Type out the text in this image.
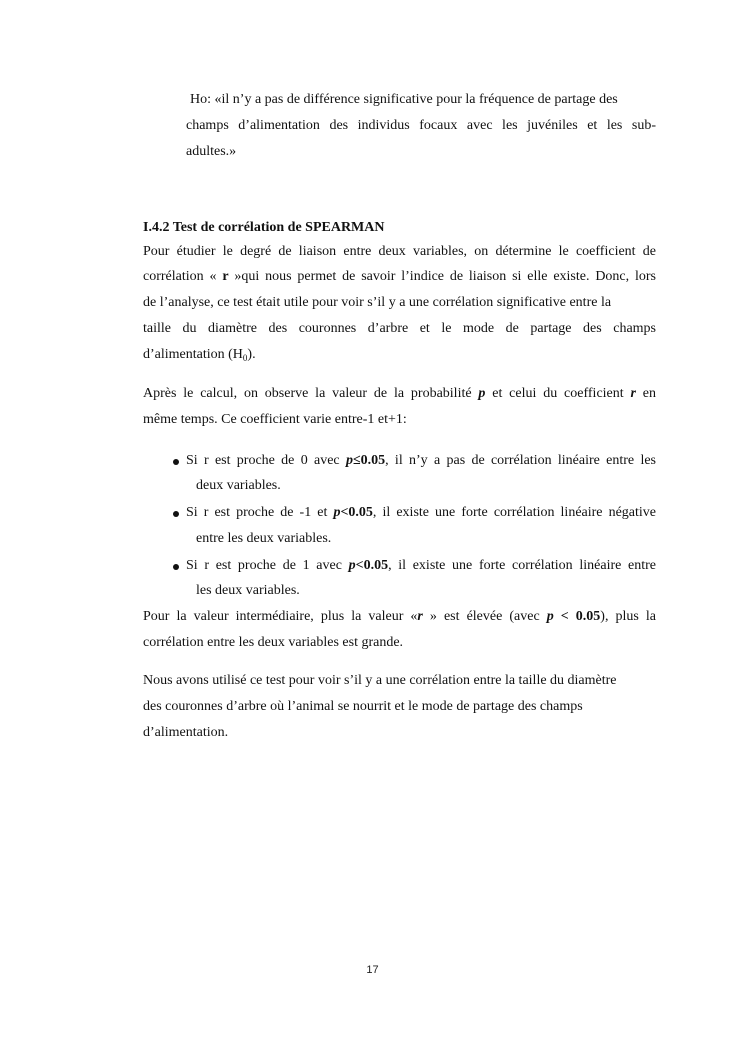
Ho: «il n’y a pas de différence significative pour la fréquence de partage des
champs d’alimentation des individus focaux avec les juvéniles et les sub-
adultes.»
I.4.2 Test de corrélation de SPEARMAN
Pour étudier le degré de liaison entre deux variables, on détermine le coefficient de
corrélation « r »qui nous permet de savoir l’indice de liaison si elle existe. Donc, lors
de l’analyse, ce test était utile pour voir s’il y a une corrélation significative entre la
taille du diamètre des couronnes d’arbre et le mode de partage des champs
d’alimentation $(H_0)$.
Après le calcul, on observe la valeur de la probabilité p et celui du coefficient r en
même temps. Ce coefficient varie entre-1 et+1:
Si r est proche de 0 avec p≤0.05, il n’y a pas de corrélation linéaire entre les
deux variables.
Si r est proche de -1 et p<0.05, il existe une forte corrélation linéaire négative
entre les deux variables.
Si r est proche de 1 avec p<0.05, il existe une forte corrélation linéaire entre
les deux variables.
Pour la valeur intermédiaire, plus la valeur «r » est élevée (avec p < 0.05), plus la
corrélation entre les deux variables est grande.
Nous avons utilisé ce test pour voir s’il y a une corrélation entre la taille du diamètre
des couronnes d’arbre où l’animal se nourrit et le mode de partage des champs
d’alimentation.
17
